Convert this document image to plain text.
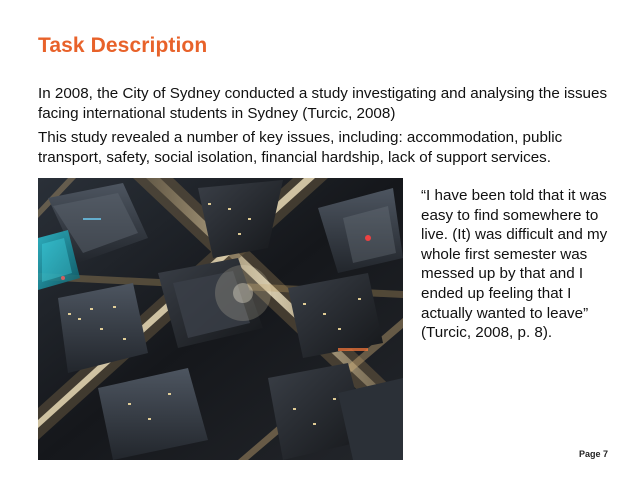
Task Description
In 2008, the City of Sydney conducted a study investigating and analysing the issues facing international students in Sydney (Turcic, 2008)
This study revealed a number of key issues, including: accommodation, public transport, safety, social isolation, financial hardship, lack of support services.
“I have been told that it was easy to find somewhere to live. (It) was difficult and my whole first semester was messed up by that and I ended up feeling that I actually wanted to leave” (Turcic, 2008, p. 8).
Page 7
